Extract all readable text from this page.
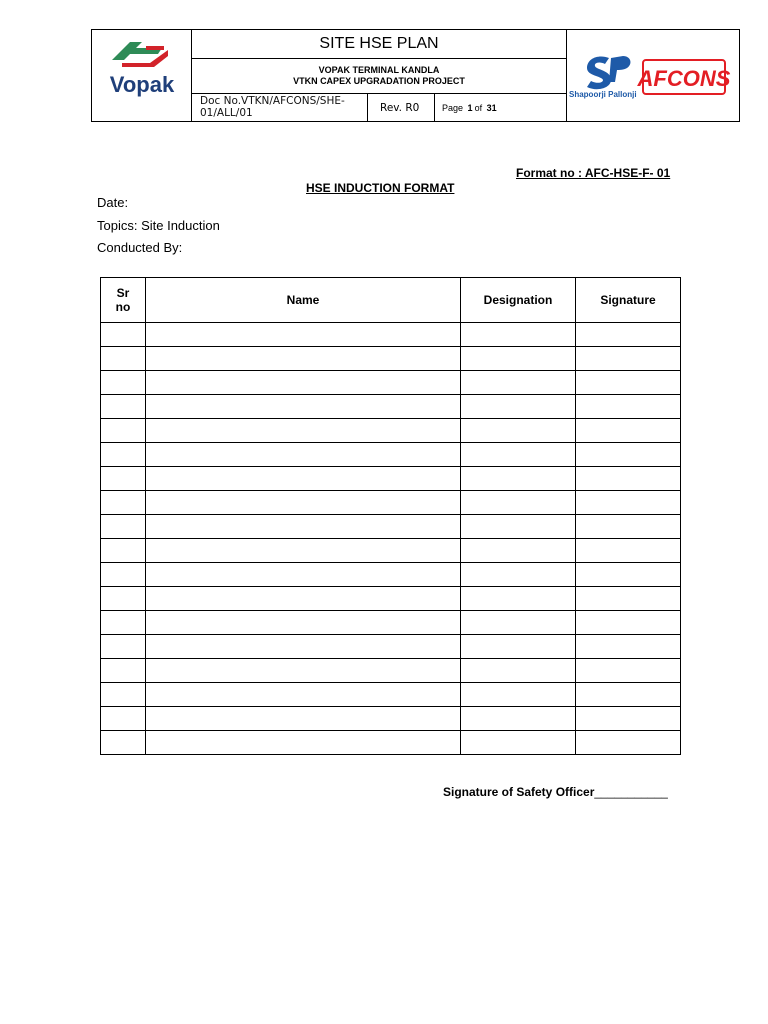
Vopak
SITE HSE PLAN
VOPAK TERMINAL KANDLA
VTKN CAPEX UPGRADATION PROJECT
Doc No.VTKN/AFCONS/SHE-
01/ALL/01	Rev. R0	Page
1 of
31
Shapoorji Pallonji
AFCONS
Format no : AFC-HSE-F- 01
HSE INDUCTION FORMAT
Date:
Topics: Site Induction
Conducted By:
Sr
no	Name	Designation	Signature

Signature of Safety Officer___________
